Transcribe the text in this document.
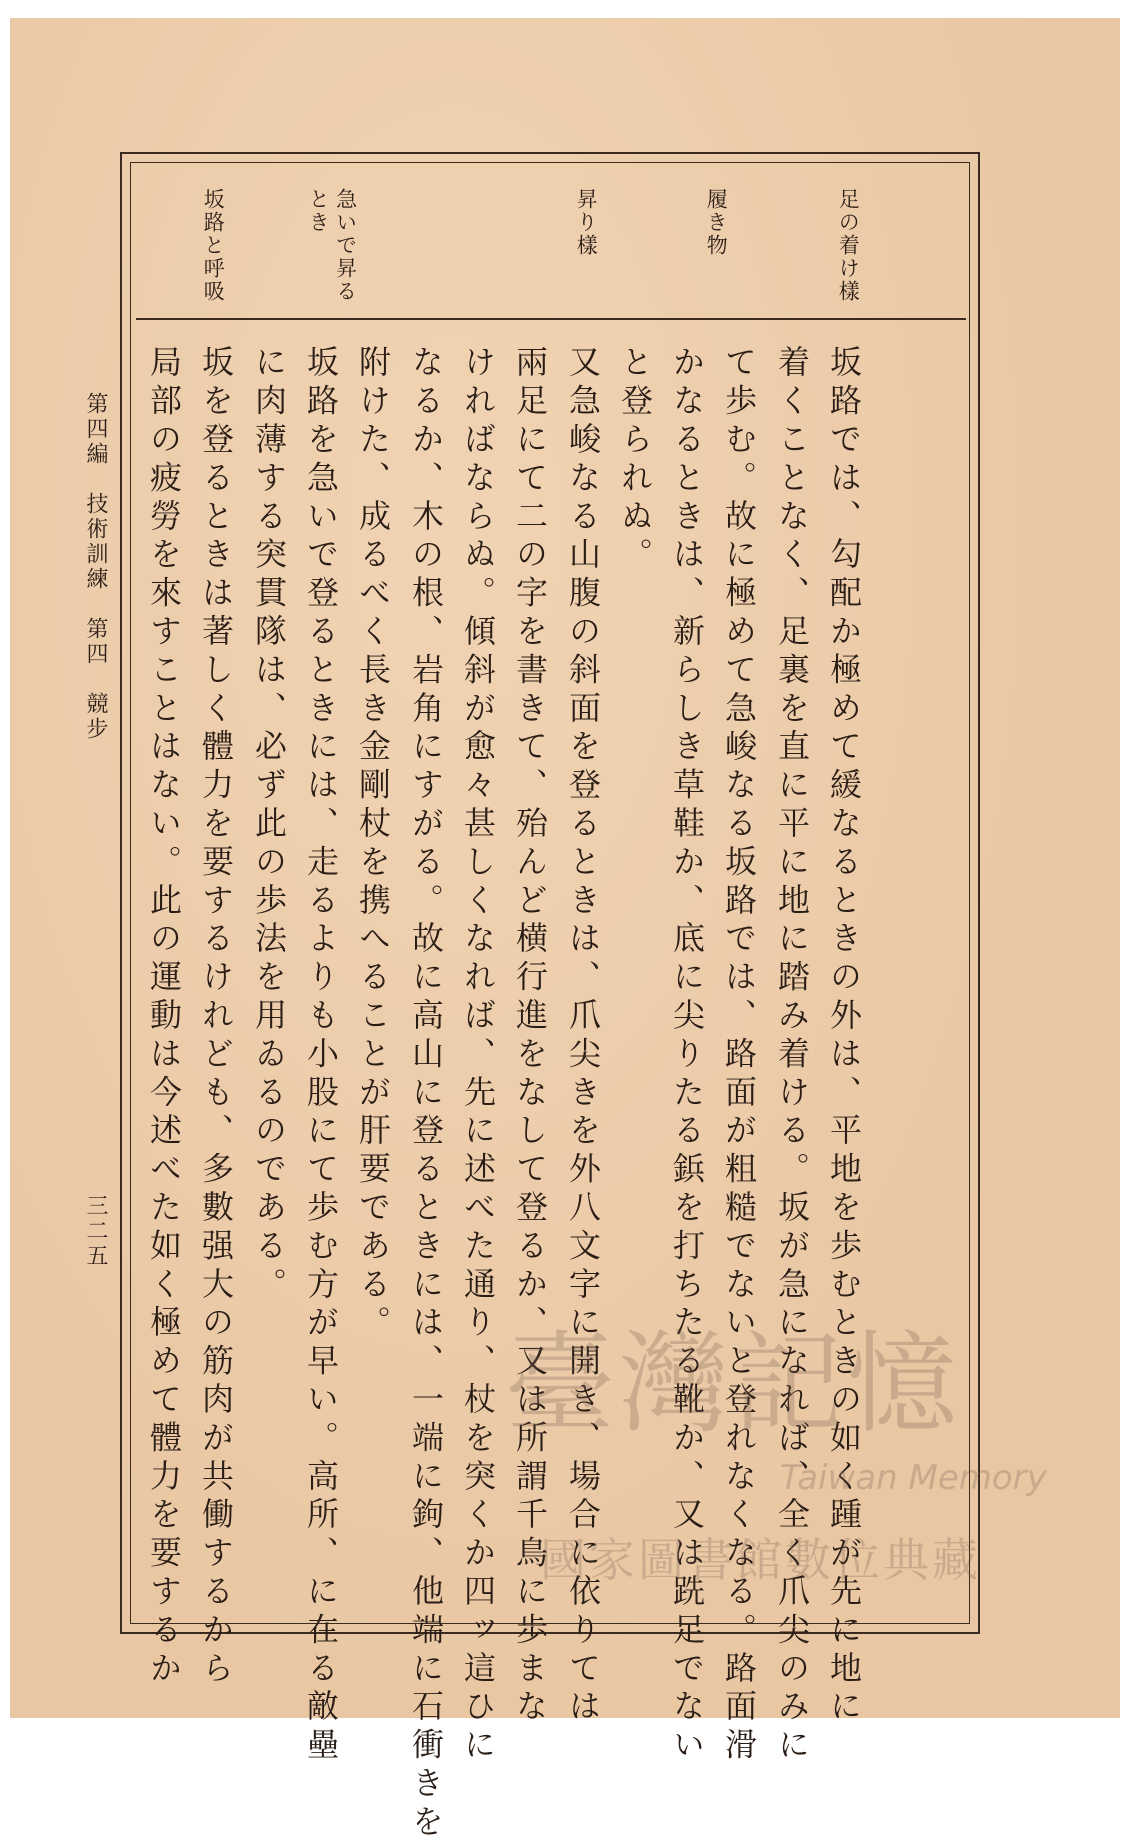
足の着け樣

履き物

昇り樣

急いで昇るとき

坂路と呼吸

坂路では、勾配か極めて緩なるときの外は、平地を歩むときの如く踵が先に地に

着くことなく、足裏を直に平に地に踏み着ける。坂が急になれば、全く爪尖のみに

て歩む。故に極めて急峻なる坂路では、路面が粗糙でないと登れなくなる。路面滑

かなるときは、新らしき草鞋か、底に尖りたる鋲を打ちたる靴か、又は跣足でない

と登られぬ。

又急峻なる山腹の斜面を登るときは、爪尖きを外八文字に開き、場合に依りては

兩足にて二の字を書きて、殆んど横行進をなして登るか、又は所謂千鳥に歩まな

ければならぬ。傾斜が愈々甚しくなれば、先に述べた通り、杖を突くか四ッ這ひに

なるか、木の根、岩角にすがる。故に高山に登るときには、一端に鉤、他端に石衝きを

附けた、成るべく長き金剛杖を携へることが肝要である。

坂路を急いで登るときには、走るよりも小股にて歩む方が早い。高所、に在る敵壘

に肉薄する突貫隊は、必ず此の歩法を用ゐるのである。

坂を登るときは著しく體力を要するけれども、多數强大の筋肉が共働するから

局部の疲勞を來すことはない。此の運動は今述べた如く極めて體力を要するか

第四編　技術訓練　第四　競步

三二五

臺灣記憶
Taiwan Memory
國家圖書館數位典藏
